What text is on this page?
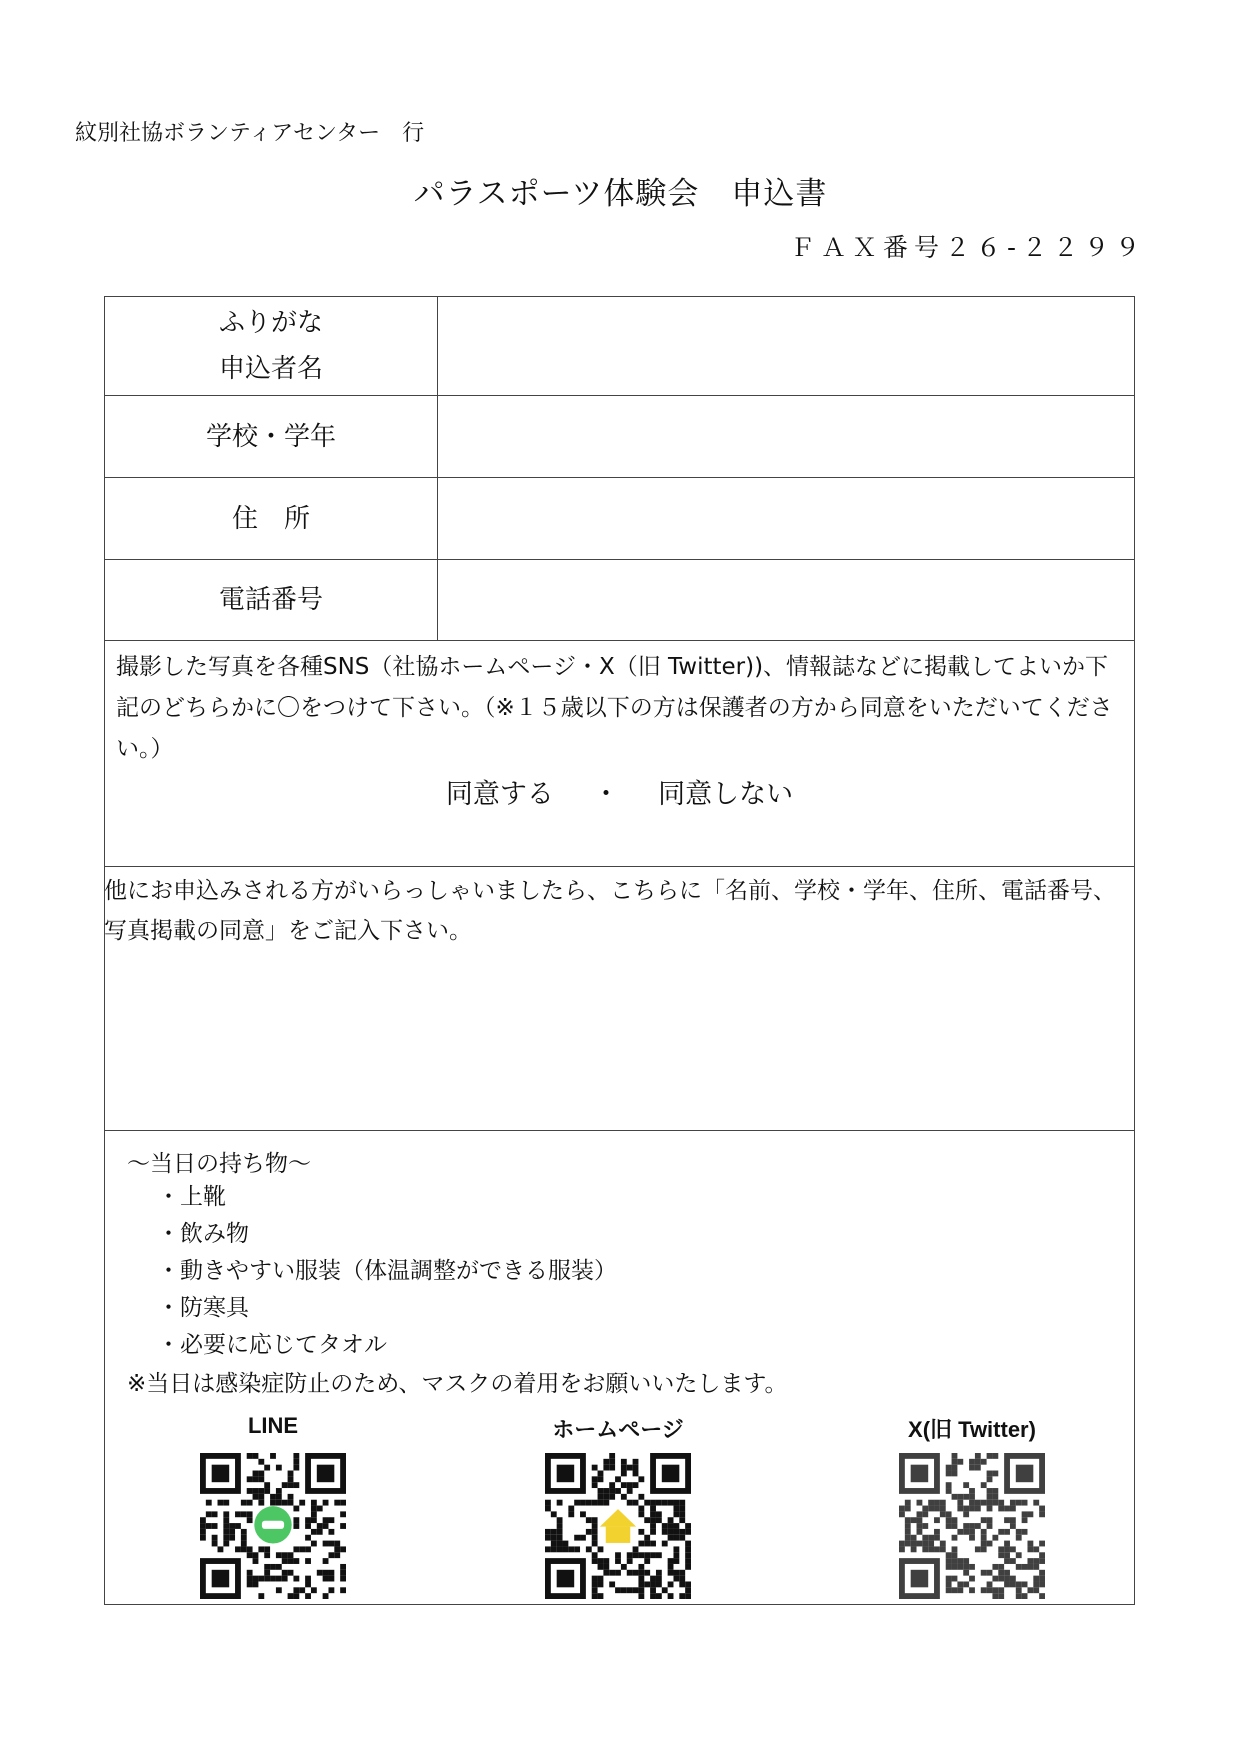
紋別社協ボランティアセンター　行
パラスポーツ体験会　申込書
ＦＡＸ番号２６-２２９９
ふりがな
申込者名
学校・学年
住　所
電話番号
撮影した写真を各種SNS（社協ホームページ・X（旧 Twitter))、情報誌などに掲載してよいか下記のどちらかに〇をつけて下さい。（※１５歳以下の方は保護者の方から同意をいただいてください。）
他にお申込みされる方がいらっしゃいましたら、こちらに「名前、学校・学年、住所、電話番号、写真掲載の同意」をご記入下さい。
～当日の持ち物～
・ 上靴
・ 飲み物
・ 動きやすい服装（体温調整ができる服装）
・ 防寒具
・ 必要に応じてタオル
※当日は感染症防止のため、マスクの着用をお願いいたします。
LINE	ホームページ	X(旧 Twitter)
同意する ・ 同意しない
